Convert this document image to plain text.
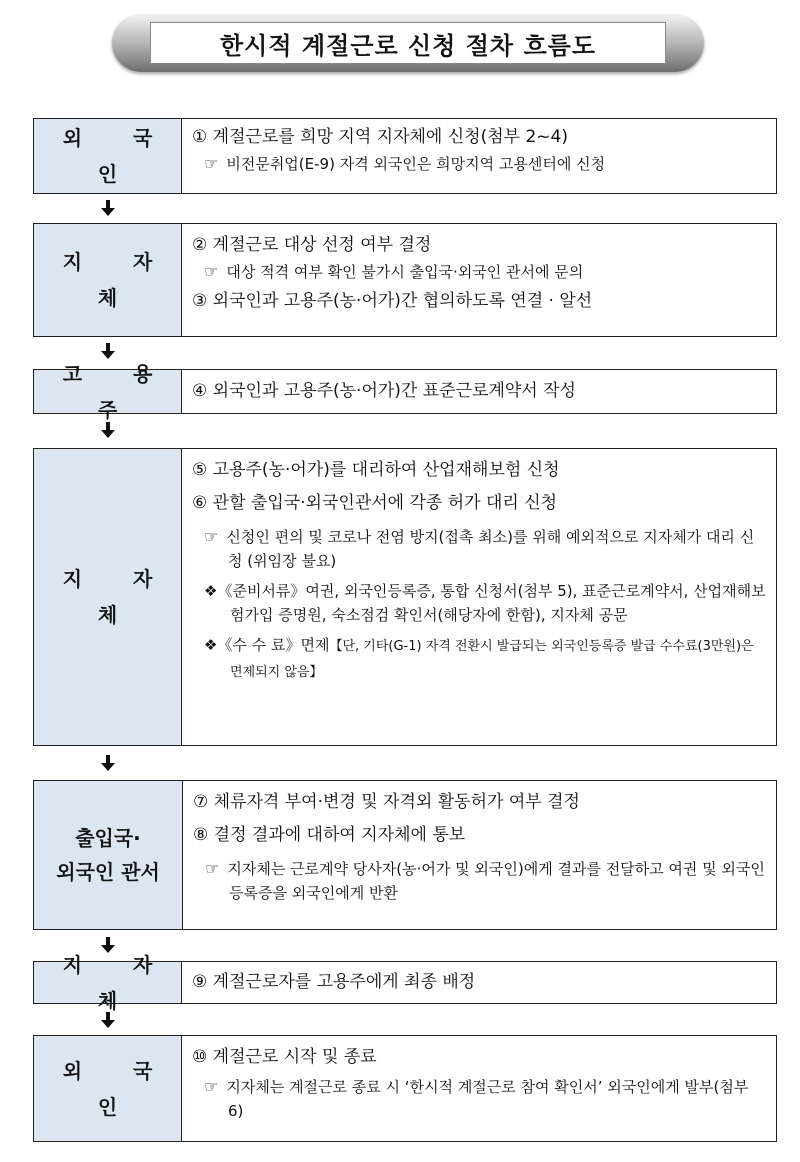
한시적 계절근로 신청 절차 흐름도
외 국 인
① 계절근로를 희망 지역 지자체에 신청(첨부 2~4)
☞ 비전문취업(E-9) 자격 외국인은 희망지역 고용센터에 신청
지 자 체
② 계절근로 대상 선정 여부 결정
☞ 대상 적격 여부 확인 불가시 출입국·외국인 관서에 문의
③ 외국인과 고용주(농·어가)간 협의하도록 연결 · 알선
고 용 주
④ 외국인과 고용주(농·어가)간 표준근로계약서 작성
지 자 체
⑤ 고용주(농·어가)를 대리하여 산업재해보험 신청
⑥ 관할 출입국·외국인관서에 각종 허가 대리 신청
☞ 신청인 편의 및 코로나 전염 방지(접촉 최소)를 위해 예외적으로 지자체가 대리 신청 (위임장 불요)
❖《준비서류》여권, 외국인등록증, 통합 신청서(첨부 5), 표준근로계약서, 산업재해보험가입 증명원, 숙소점검 확인서(해당자에 한함), 지자체 공문
❖《수 수 료》면제【단, 기타(G-1) 자격 전환시 발급되는 외국인등록증 발급 수수료(3만원)은 면제되지 않음】
출입국·
외국인 관서
⑦ 체류자격 부여·변경 및 자격외 활동허가 여부 결정
⑧ 결정 결과에 대하여 지자체에 통보
☞ 지자체는 근로계약 당사자(농·어가 및 외국인)에게 결과를 전달하고 여권 및 외국인등록증을 외국인에게 반환
지 자 체
⑨ 계절근로자를 고용주에게 최종 배정
외 국 인
⑩ 계절근로 시작 및 종료
☞ 지자체는 계절근로 종료 시 ‘한시적 계절근로 참여 확인서’ 외국인에게 발부(첨부 6)
